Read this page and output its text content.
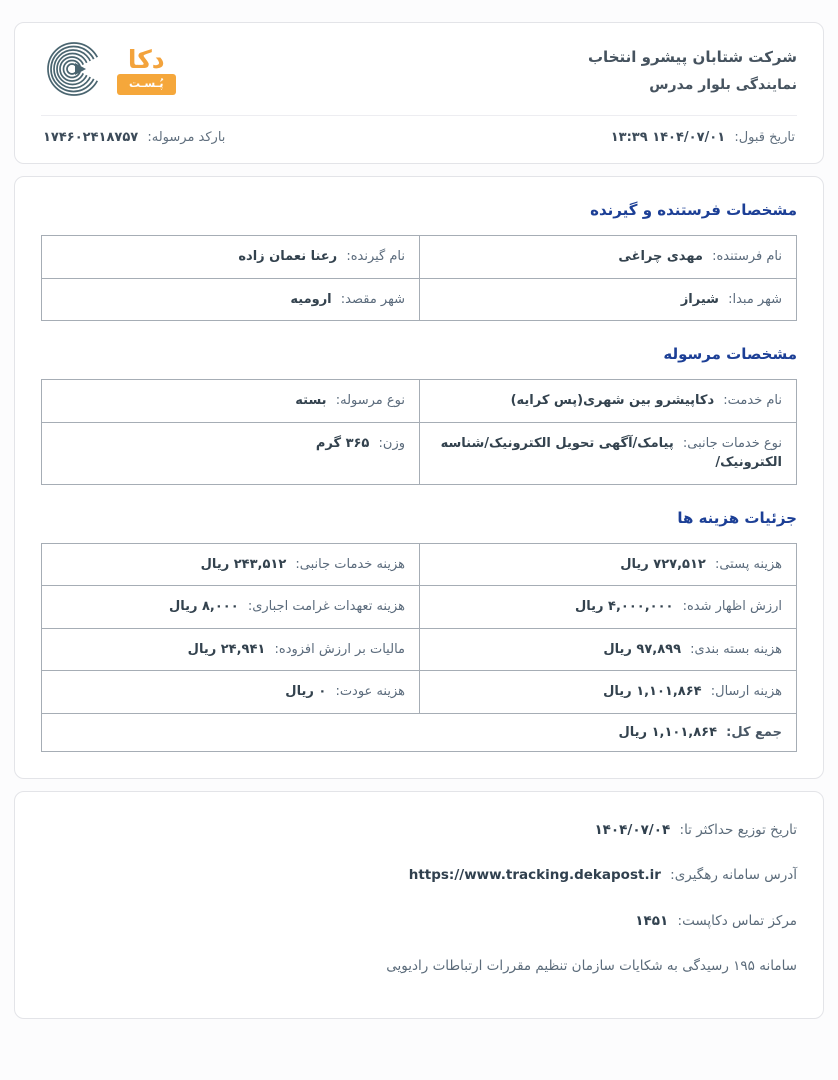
شرکت شتابان پیشرو انتخاب
نمایندگی بلوار مدرس
دکا
پُـسـت
تاریخ قبول: ۱۴۰۴/۰۷/۰۱ ۱۳:۳۹
بارکد مرسوله: ۱۷۴۶۰۲۴۱۸۷۵۷
مشخصات فرستنده و گیرنده
نام فرستنده: مهدی چراغی
نام گیرنده: رعنا نعمان زاده
شهر مبدا: شیراز
شهر مقصد: ارومیه
مشخصات مرسوله
نام خدمت: دکاپیشرو بین شهری(پس کرایه)
نوع مرسوله: بسته
نوع خدمات جانبی: پیامک/آگهی تحویل الکترونیک/شناسه الکترونیک/
وزن: ۳۶۵ گرم
جزئیات هزینه ها
هزینه پستی: ۷۲۷,۵۱۲ ریال
هزینه خدمات جانبی: ۲۴۳,۵۱۲ ریال
ارزش اظهار شده: ۴,۰۰۰,۰۰۰ ریال
هزینه تعهدات غرامت اجباری: ۸,۰۰۰ ریال
هزینه بسته بندی: ۹۷,۸۹۹ ریال
مالیات بر ارزش افزوده: ۲۴,۹۴۱ ریال
هزینه ارسال: ۱,۱۰۱,۸۶۴ ریال
هزینه عودت: ۰ ریال
جمع کل: ۱,۱۰۱,۸۶۴ ریال
تاریخ توزیع حداکثر تا: ۱۴۰۴/۰۷/۰۴
آدرس سامانه رهگیری: https://www.tracking.dekapost.ir
مرکز تماس دکاپست: ۱۴۵۱
سامانه ۱۹۵ رسیدگی به شکایات سازمان تنظیم مقررات ارتباطات رادیویی
